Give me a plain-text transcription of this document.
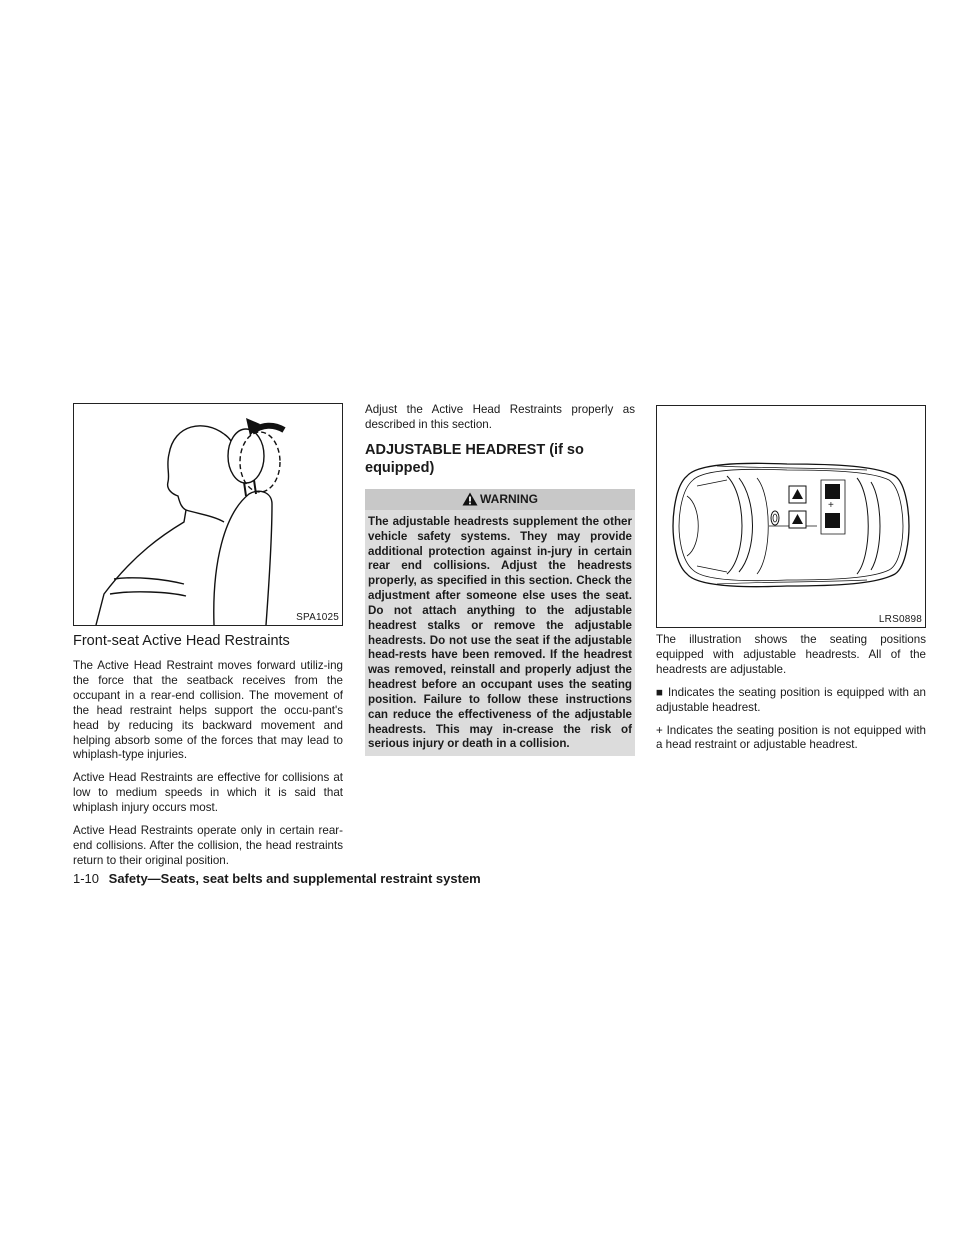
SPA1025
Front-seat Active Head Restraints

The Active Head Restraint moves forward utiliz-ing the force that the seatback receives from the occupant in a rear-end collision. The movement of the head restraint helps support the occu-pant's head by reducing its backward movement and helping absorb some of the forces that may lead to whiplash-type injuries.

Active Head Restraints are effective for collisions at low to medium speeds in which it is said that whiplash injury occurs most.

Active Head Restraints operate only in certain rear-end collisions. After the collision, the head restraints return to their original position.

Adjust the Active Head Restraints properly as described in this section.

ADJUSTABLE HEADREST (if so equipped)
WARNING
The adjustable headrests supplement the other vehicle safety systems. They may provide additional protection against in-jury in certain rear end collisions. Adjust the headrests properly, as specified in this section. Check the adjustment after someone else uses the seat. Do not attach anything to the adjustable headrest stalks or remove the adjustable headrests. Do not use the seat if the adjustable head-rests have been removed. If the headrest was removed, reinstall and properly adjust the headrest before an occupant uses the seating position. Failure to follow these instructions can reduce the effectiveness of the adjustable headrests. This may in-crease the risk of serious injury or death in a collision.
+
LRS0898

The illustration shows the seating positions equipped with adjustable headrests. All of the headrests are adjustable.

■ Indicates the seating position is equipped with an adjustable headrest.

+ Indicates the seating position is not equipped with a head restraint or adjustable headrest.

1-10 Safety—Seats, seat belts and supplemental restraint system
